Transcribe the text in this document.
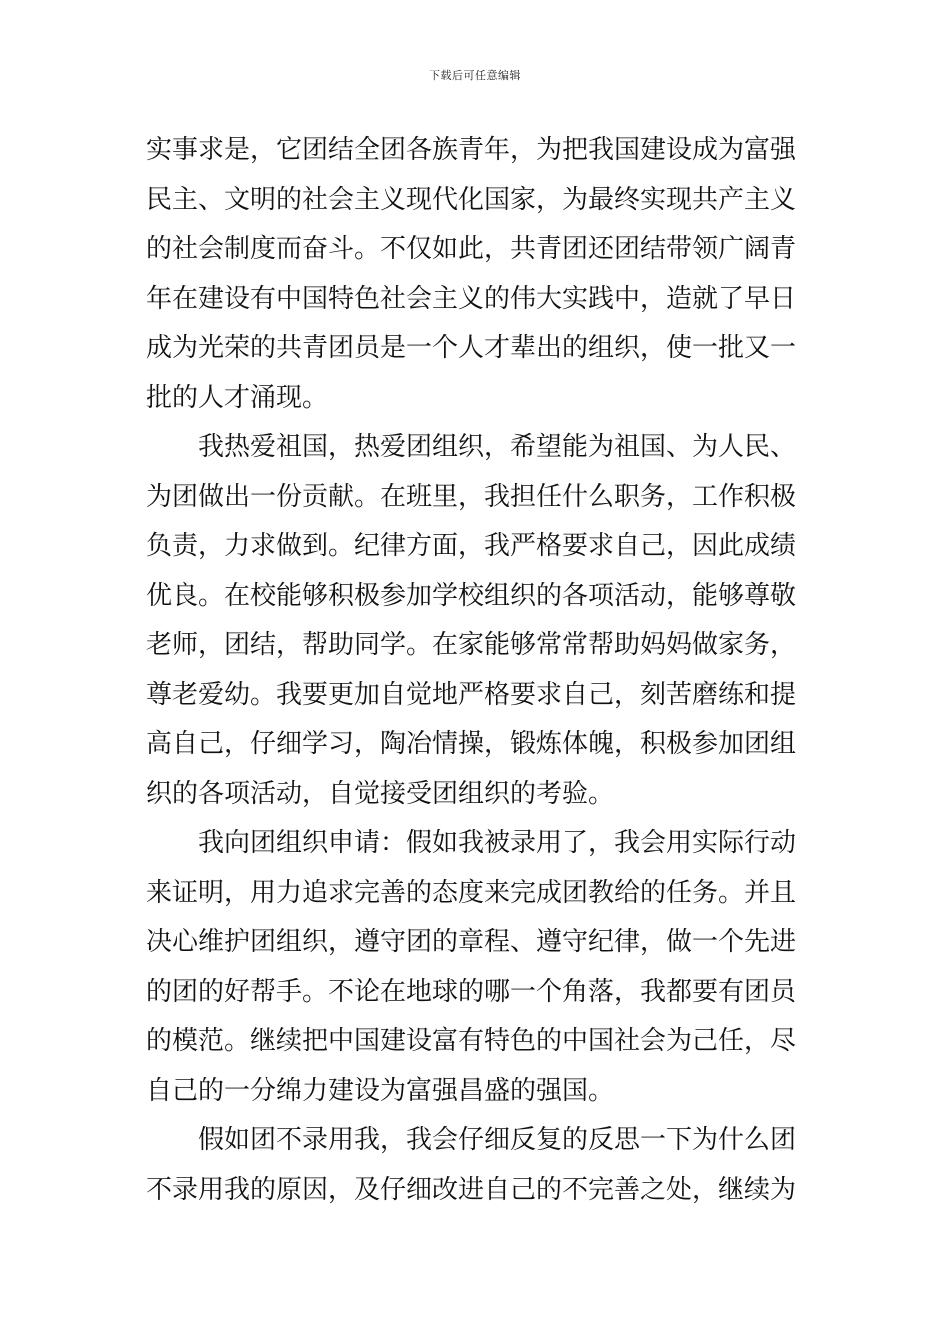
下载后可任意编辑
实事求是，它团结全团各族青年，为把我国建设成为富强
民主、文明的社会主义现代化国家，为最终实现共产主义
的社会制度而奋斗。不仅如此，共青团还团结带领广阔青
年在建设有中国特色社会主义的伟大实践中，造就了早日
成为光荣的共青团员是一个人才辈出的组织，使一批又一
批的人才涌现。
我热爱祖国，热爱团组织，希望能为祖国、为人民、
为团做出一份贡献。在班里，我担任什么职务，工作积极
负责，力求做到。纪律方面，我严格要求自己，因此成绩
优良。在校能够积极参加学校组织的各项活动，能够尊敬
老师，团结，帮助同学。在家能够常常帮助妈妈做家务，
尊老爱幼。我要更加自觉地严格要求自己，刻苦磨练和提
高自己，仔细学习，陶冶情操，锻炼体魄，积极参加团组
织的各项活动，自觉接受团组织的考验。
我向团组织申请：假如我被录用了，我会用实际行动
来证明，用力追求完善的态度来完成团教给的任务。并且
决心维护团组织，遵守团的章程、遵守纪律，做一个先进
的团的好帮手。不论在地球的哪一个角落，我都要有团员
的模范。继续把中国建设富有特色的中国社会为己任，尽
自己的一分绵力建设为富强昌盛的强国。
假如团不录用我，我会仔细反复的反思一下为什么团
不录用我的原因，及仔细改进自己的不完善之处，继续为
